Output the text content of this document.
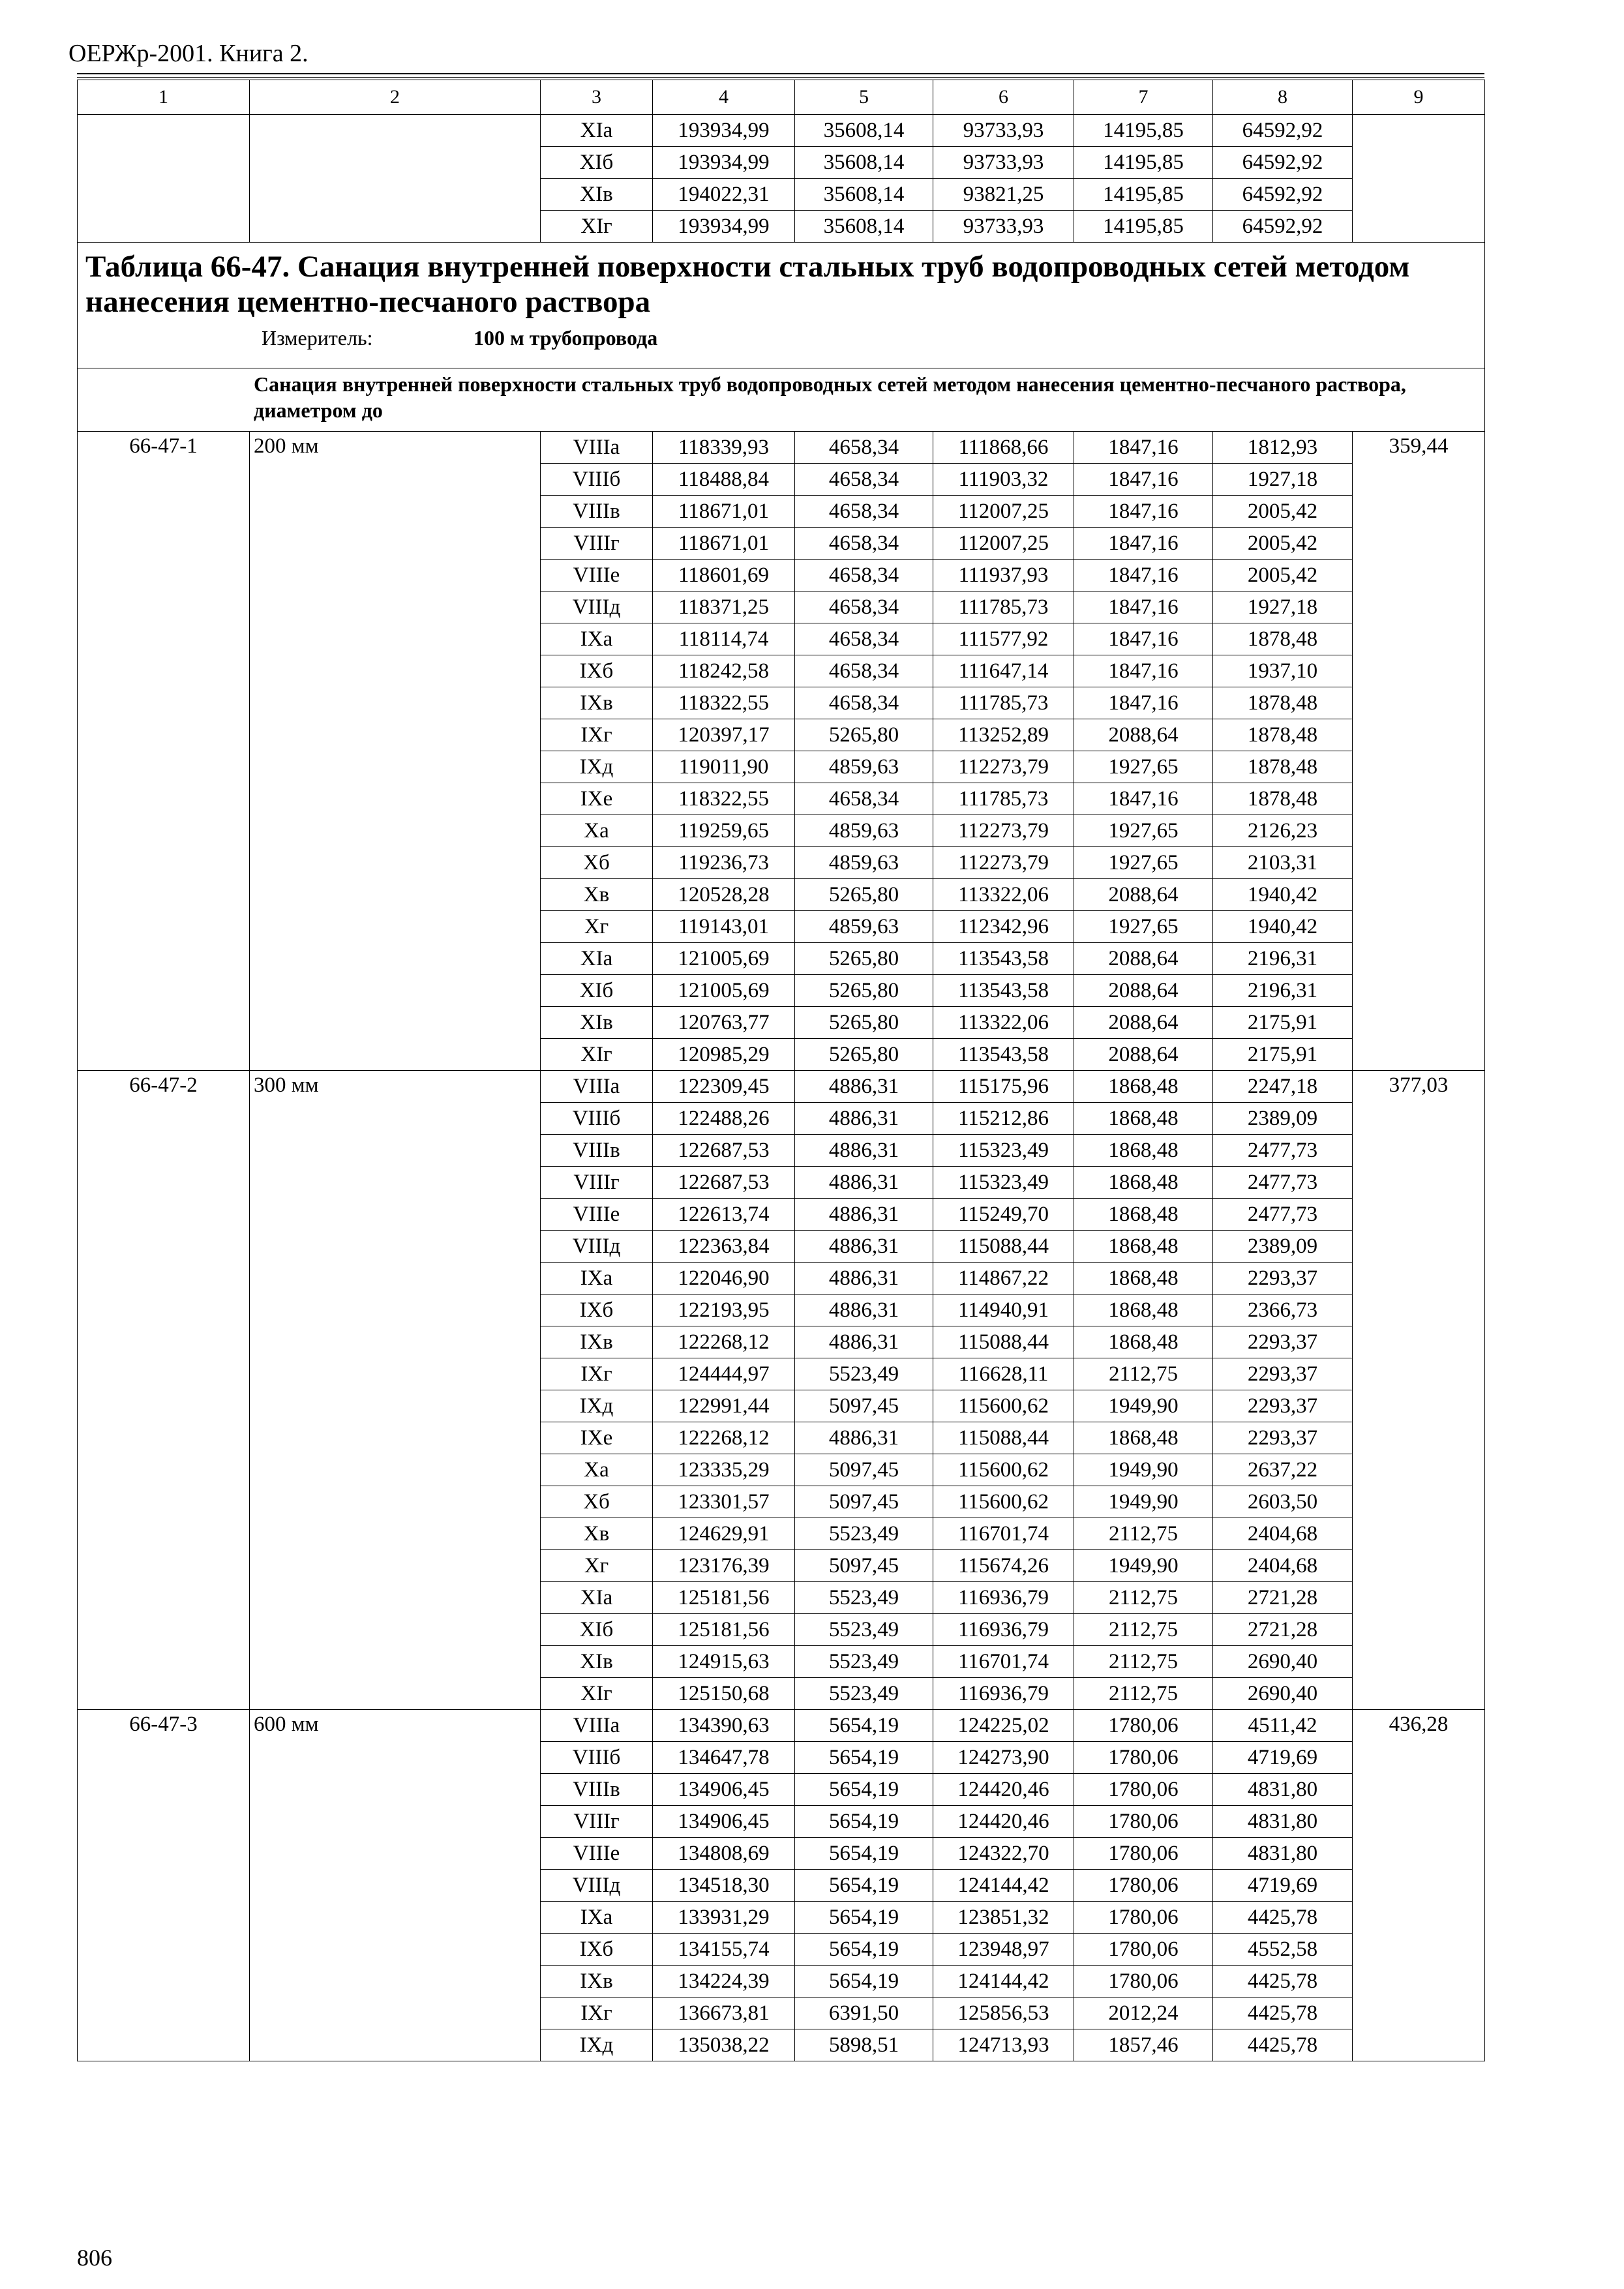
ОЕРЖр-2001. Книга 2.
1	2	3	4	5	6	7	8	9
		ХIа	193934,99	35608,14	93733,93	14195,85	64592,92	
		ХIб	193934,99	35608,14	93733,93	14195,85	64592,92	
		ХIв	194022,31	35608,14	93821,25	14195,85	64592,92	
		ХIг	193934,99	35608,14	93733,93	14195,85	64592,92	

Таблица 66-47. Санация внутренней поверхности стальных труб водопроводных сетей методом нанесения цементно-песчаного раствора
Измеритель: 100 м трубопровода								

Санация внутренней поверхности стальных труб водопроводных сетей методом нанесения цементно-песчаного раствора, диаметром до								
66-47-1	200 мм	VIIIа	118339,93	4658,34	111868,66	1847,16	1812,93	359,44
		VIIIб	118488,84	4658,34	111903,32	1847,16	1927,18	
		VIIIв	118671,01	4658,34	112007,25	1847,16	2005,42	
		VIIIг	118671,01	4658,34	112007,25	1847,16	2005,42	
		VIIIе	118601,69	4658,34	111937,93	1847,16	2005,42	
		VIIIд	118371,25	4658,34	111785,73	1847,16	1927,18	
		IХа	118114,74	4658,34	111577,92	1847,16	1878,48	
		IХб	118242,58	4658,34	111647,14	1847,16	1937,10	
		IХв	118322,55	4658,34	111785,73	1847,16	1878,48	
		IХг	120397,17	5265,80	113252,89	2088,64	1878,48	
		IХд	119011,90	4859,63	112273,79	1927,65	1878,48	
		IХе	118322,55	4658,34	111785,73	1847,16	1878,48	
		Ха	119259,65	4859,63	112273,79	1927,65	2126,23	
		Хб	119236,73	4859,63	112273,79	1927,65	2103,31	
		Хв	120528,28	5265,80	113322,06	2088,64	1940,42	
		Хг	119143,01	4859,63	112342,96	1927,65	1940,42	
		ХIа	121005,69	5265,80	113543,58	2088,64	2196,31	
		ХIб	121005,69	5265,80	113543,58	2088,64	2196,31	
		ХIв	120763,77	5265,80	113322,06	2088,64	2175,91	
		ХIг	120985,29	5265,80	113543,58	2088,64	2175,91	
66-47-2	300 мм	VIIIа	122309,45	4886,31	115175,96	1868,48	2247,18	377,03
		VIIIб	122488,26	4886,31	115212,86	1868,48	2389,09	
		VIIIв	122687,53	4886,31	115323,49	1868,48	2477,73	
		VIIIг	122687,53	4886,31	115323,49	1868,48	2477,73	
		VIIIе	122613,74	4886,31	115249,70	1868,48	2477,73	
		VIIIд	122363,84	4886,31	115088,44	1868,48	2389,09	
		IХа	122046,90	4886,31	114867,22	1868,48	2293,37	
		IХб	122193,95	4886,31	114940,91	1868,48	2366,73	
		IХв	122268,12	4886,31	115088,44	1868,48	2293,37	
		IХг	124444,97	5523,49	116628,11	2112,75	2293,37	
		IХд	122991,44	5097,45	115600,62	1949,90	2293,37	
		IХе	122268,12	4886,31	115088,44	1868,48	2293,37	
		Ха	123335,29	5097,45	115600,62	1949,90	2637,22	
		Хб	123301,57	5097,45	115600,62	1949,90	2603,50	
		Хв	124629,91	5523,49	116701,74	2112,75	2404,68	
		Хг	123176,39	5097,45	115674,26	1949,90	2404,68	
		ХIа	125181,56	5523,49	116936,79	2112,75	2721,28	
		ХIб	125181,56	5523,49	116936,79	2112,75	2721,28	
		ХIв	124915,63	5523,49	116701,74	2112,75	2690,40	
		ХIг	125150,68	5523,49	116936,79	2112,75	2690,40	
66-47-3	600 мм	VIIIа	134390,63	5654,19	124225,02	1780,06	4511,42	436,28
		VIIIб	134647,78	5654,19	124273,90	1780,06	4719,69	
		VIIIв	134906,45	5654,19	124420,46	1780,06	4831,80	
		VIIIг	134906,45	5654,19	124420,46	1780,06	4831,80	
		VIIIе	134808,69	5654,19	124322,70	1780,06	4831,80	
		VIIIд	134518,30	5654,19	124144,42	1780,06	4719,69	
		IХа	133931,29	5654,19	123851,32	1780,06	4425,78	
		IХб	134155,74	5654,19	123948,97	1780,06	4552,58	
		IХв	134224,39	5654,19	124144,42	1780,06	4425,78	
		IХг	136673,81	6391,50	125856,53	2012,24	4425,78	
		IХд	135038,22	5898,51	124713,93	1857,46	4425,78	
806
